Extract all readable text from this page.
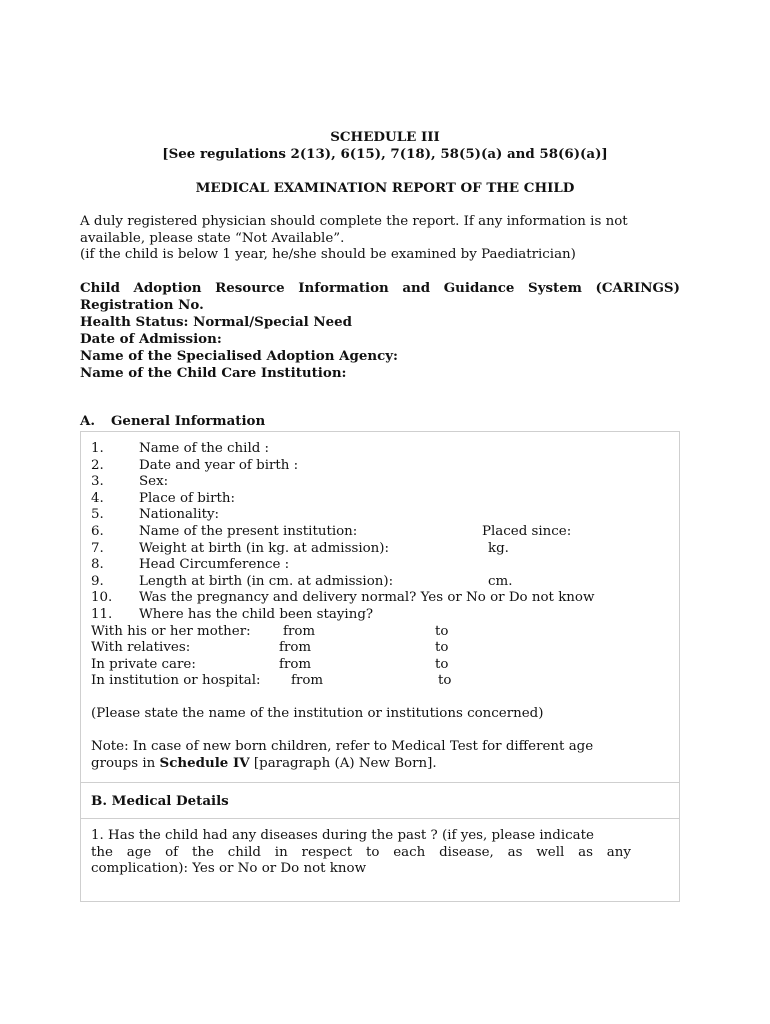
SCHEDULE III
[See regulations 2(13), 6(15), 7(18), 58(5)(a) and 58(6)(a)]
MEDICAL EXAMINATION REPORT OF THE CHILD
A duly registered physician should complete the report. If any information is not
available, please state “Not Available”.
(if the child is below 1 year, he/she should be examined by Paediatrician)
Child Adoption Resource Information and Guidance System (CARINGS)
Registration No.
Health Status: Normal/Special Need
Date of Admission:
Name of the Specialised Adoption Agency:
Name of the Child Care Institution:
A. General Information
1.	Name of the child :
2.	Date and year of birth :
3.	Sex:
4.	Place of birth:
5.	Nationality:
6.	Name of the present institution:	Placed since:
7.	Weight at birth (in kg. at admission):	kg.
8.	Head Circumference :
9.	Length at birth (in cm. at admission):	cm.
10. Was the pregnancy and delivery normal? Yes or No or Do not know
11. Where has the child been staying?
With his or her mother: from	to
With relatives:	from	to
In private care:	from	to
In institution or hospital: from	to
(Please state the name of the institution or institutions concerned)
Note: In case of new born children, refer to Medical Test for different age
groups in Schedule IV [paragraph (A) New Born].
B. Medical Details
1. Has the child had any diseases during the past ? (if yes, please indicate
the age of the child in respect to each disease, as well as any
complication): Yes or No or Do not know
